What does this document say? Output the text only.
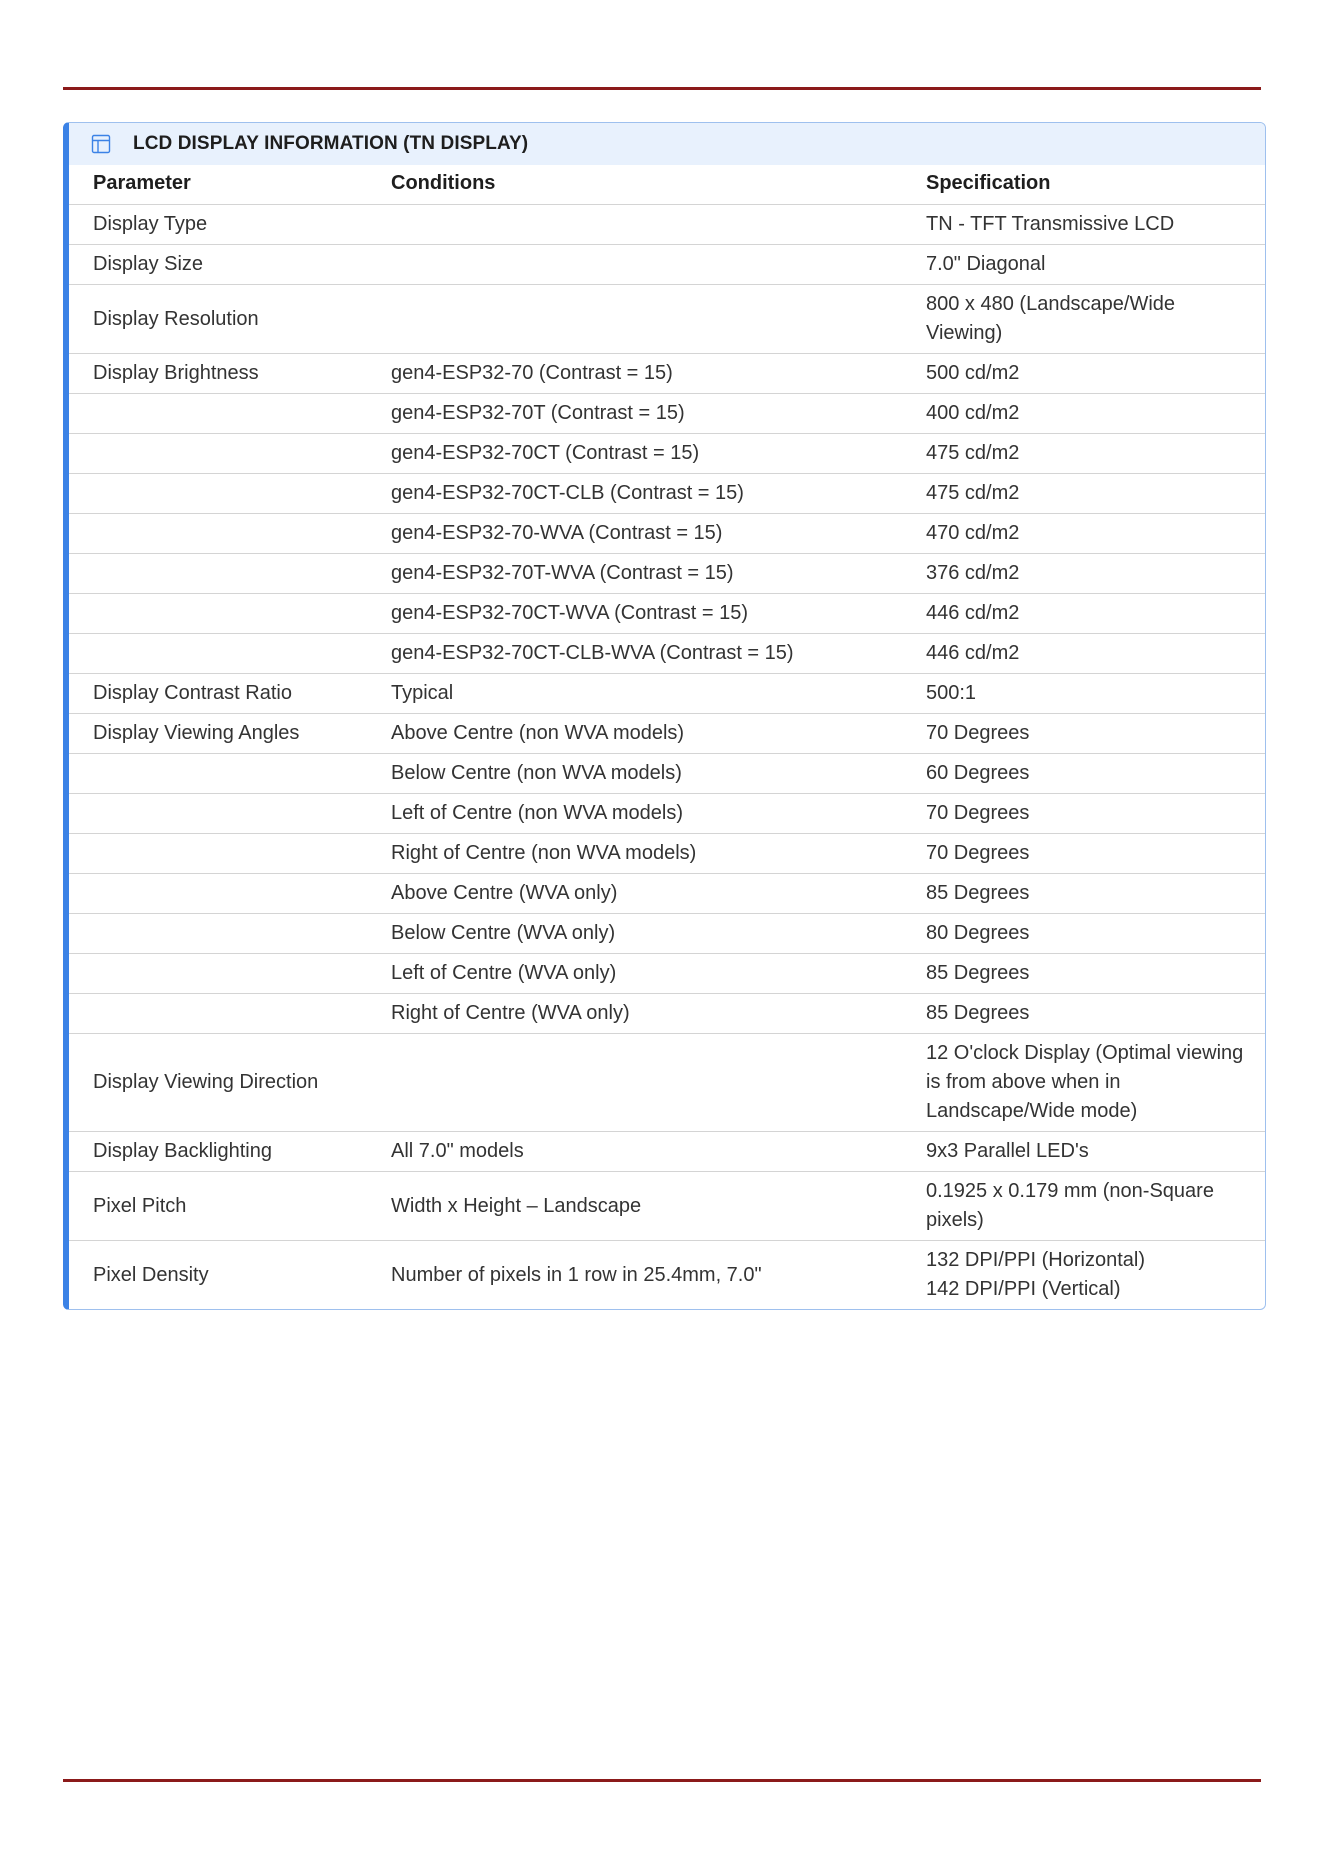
LCD DISPLAY INFORMATION (TN DISPLAY)
Parameter	Conditions	Specification
Display Type		TN - TFT Transmissive LCD

Display Size		7.0" Diagonal

Display Resolution		800 x 480 (Landscape/Wide Viewing)

Display Brightness	gen4-ESP32-70 (Contrast = 15)	500 cd/m2

	gen4-ESP32-70T (Contrast = 15)	400 cd/m2

	gen4-ESP32-70CT (Contrast = 15)	475 cd/m2

	gen4-ESP32-70CT-CLB (Contrast = 15)	475 cd/m2

	gen4-ESP32-70-WVA (Contrast = 15)	470 cd/m2

	gen4-ESP32-70T-WVA (Contrast = 15)	376 cd/m2

	gen4-ESP32-70CT-WVA (Contrast = 15)	446 cd/m2

	gen4-ESP32-70CT-CLB-WVA (Contrast = 15)	446 cd/m2

Display Contrast Ratio	Typical	500:1

Display Viewing Angles	Above Centre (non WVA models)	70 Degrees

	Below Centre (non WVA models)	60 Degrees

	Left of Centre (non WVA models)	70 Degrees

	Right of Centre (non WVA models)	70 Degrees

	Above Centre (WVA only)	85 Degrees

	Below Centre (WVA only)	80 Degrees

	Left of Centre (WVA only)	85 Degrees

	Right of Centre (WVA only)	85 Degrees

Display Viewing Direction		12 O'clock Display (Optimal viewing is from above when in Landscape/Wide mode)

Display Backlighting	All 7.0" models	9x3 Parallel LED's

Pixel Pitch	Width x Height – Landscape	0.1925 x 0.179 mm (non-Square pixels)

Pixel Density	Number of pixels in 1 row in 25.4mm, 7.0"	132 DPI/PPI (Horizontal)
142 DPI/PPI (Vertical)
